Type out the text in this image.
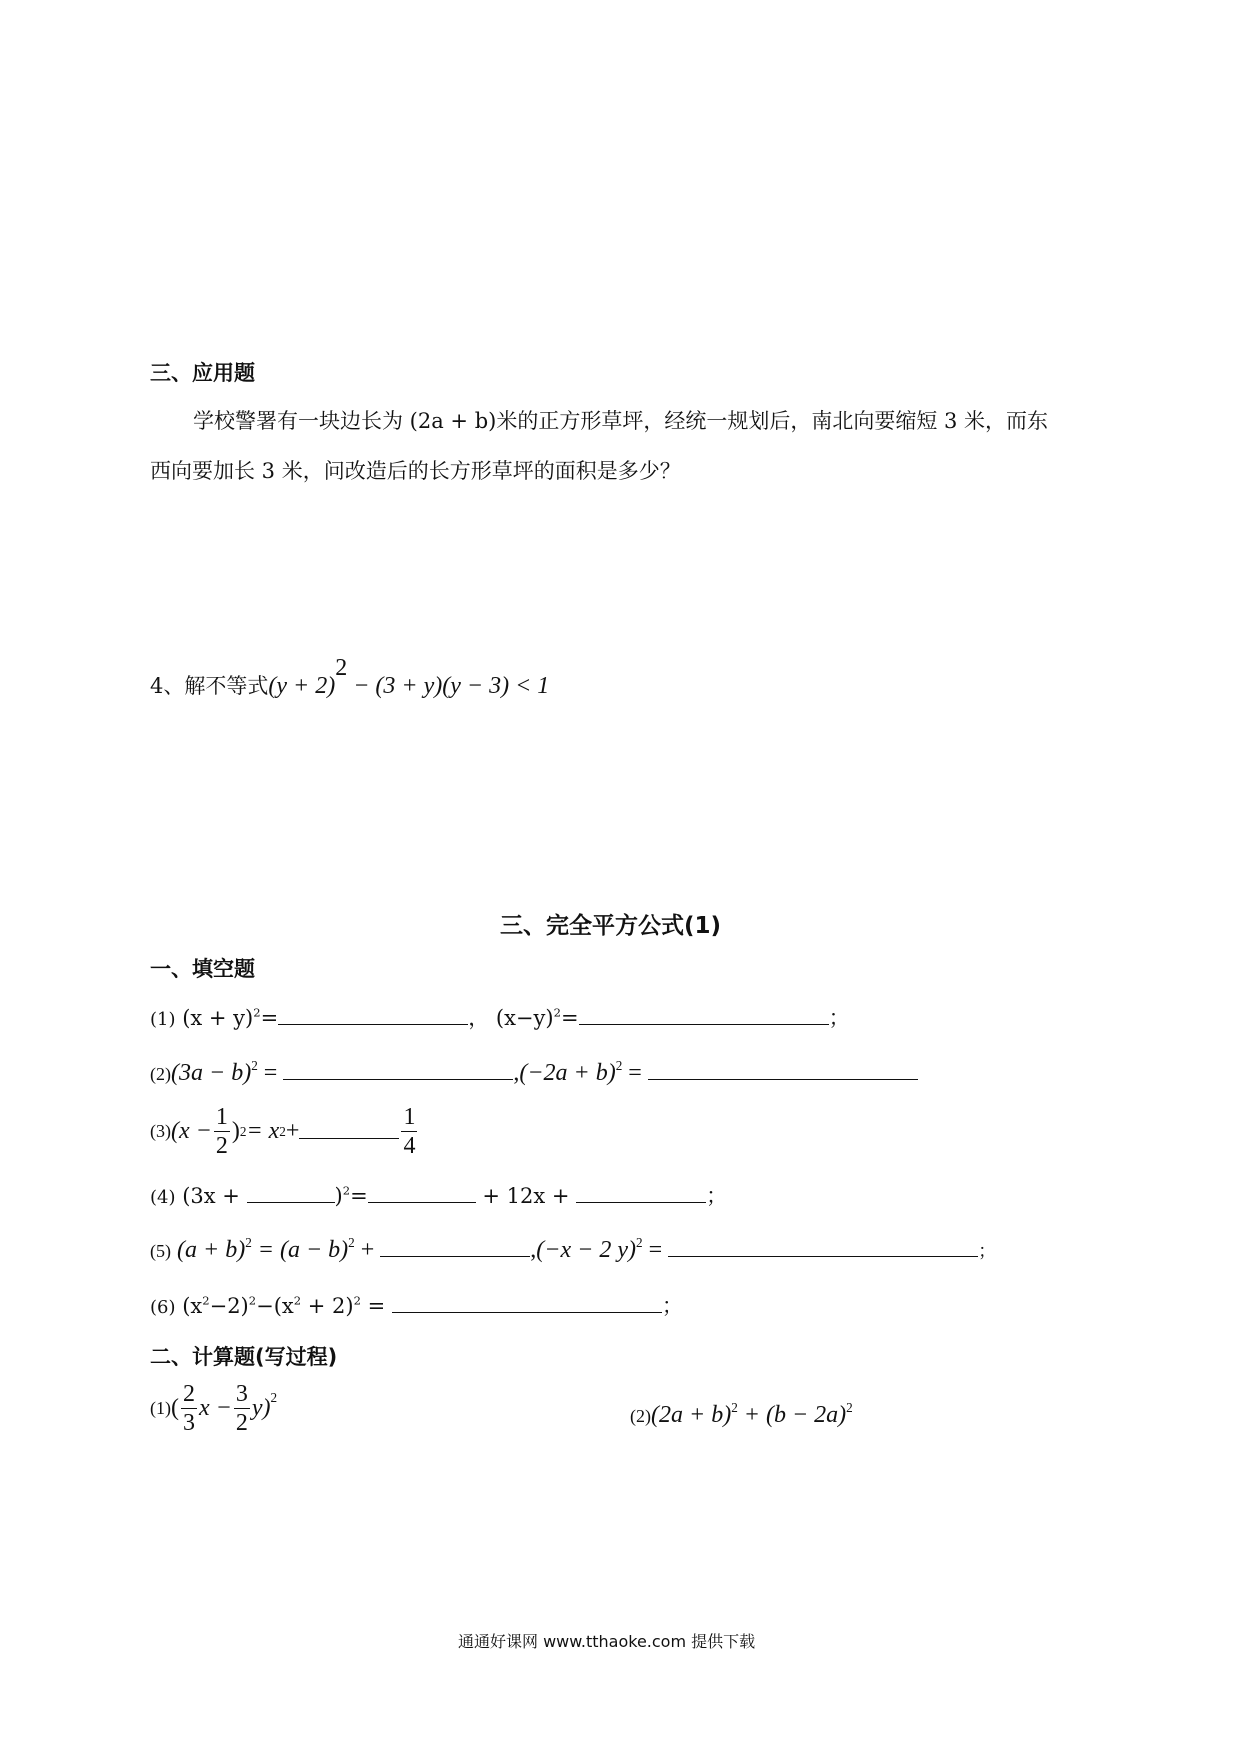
三、应用题
学校警署有一块边长为 (2a + b)米的正方形草坪，经统一规划后，南北向要缩短 3 米，而东
西向要加长 3 米，问改造后的长方形草坪的面积是多少？
4、解不等式$(y + 2)^2 - (3 + y)(y - 3) < 1$
三、完全平方公式(1)
一、填空题
(1) $(x + y)^2=$	， $(x-y)^2=$	；
$(2)(3a - b)^2$ =	$,(-2a + b)^2$ =
(3) ($x - \frac{1}{2}$ ) 2 = x 2 +	$\frac{1}{4}$
(4) (3x +	)$^2$=	+ 12x +	；
(5) $(a + b)^2 = (a - b)^2$ +	,(−x − 2 y)$^2$ =	；
(6) $(x^2-2)^2-(x^2 + 2)^2$ =	；
二、计算题(写过程)
(1) ( $\frac{2}{3}$ $x - \frac{3}{2} y)^2$
$(2)(2a + b)^2 + (b - 2a)^2$
通通好课网 www.tthaoke.com 提供下载
